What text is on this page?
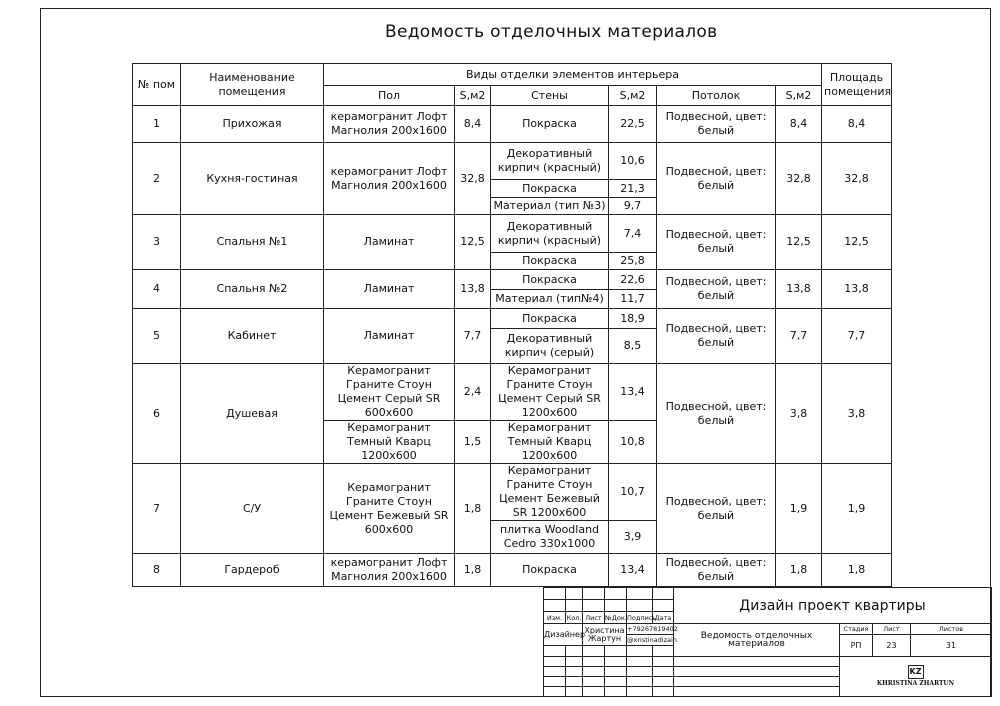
Ведомость отделочных материалов
№ пом	Наименование помещения	Виды отделки элементов интерьера						Площадь помещения
		Пол	S,м2	Стены	S,м2	Потолок	S,м2	
1	Прихожая	керамогранит Лофт Магнолия 200х1600	8,4	Покраска	22,5	Подвесной, цвет: белый	8,4	8,4
2	Кухня-гостиная	керамогранит Лофт Магнолия 200х1600	32,8	Декоративный кирпич (красный)	10,6	Подвесной, цвет: белый	32,8	32,8
				Покраска	21,3			
				Материал (тип №3)	9,7			
3	Спальня №1	Ламинат	12,5	Декоративный кирпич (красный)	7,4	Подвесной, цвет: белый	12,5	12,5
				Покраска	25,8			
4	Спальня №2	Ламинат	13,8	Покраска	22,6	Подвесной, цвет: белый	13,8	13,8
				Материал (тип№4)	11,7			
5	Кабинет	Ламинат	7,7	Покраска	18,9	Подвесной, цвет: белый	7,7	7,7
				Декоративный кирпич (серый)	8,5			
6	Душевая	Керамогранит Граните Стоун Цемент Серый SR 600х600	2,4	Керамогранит Граните Стоун Цемент Серый SR 1200х600	13,4	Подвесной, цвет: белый	3,8	3,8
		Керамогранит Темный Кварц 1200х600	1,5	Керамогранит Темный Кварц 1200х600	10,8			
7	С/У	Керамогранит Граните Стоун Цемент Бежевый SR 600х600	1,8	Керамогранит Граните Стоун Цемент Бежевый SR 1200х600	10,7	Подвесной, цвет: белый	1,9	1,9
				плитка Woodland Cedro 330х1000	3,9			
8	Гардероб	керамогранит Лофт Магнолия 200х1600	1,8	Покраска	13,4	Подвесной, цвет: белый	1,8	1,8
						Дизайн проект квартиры			

Изм.	Кол.	Лист	№Док.	Подпись	Дата				
Дизайнер		Христина Жартун		+79267819402		Ведомость отделочных материалов	Стадия	Лист	Листов
				@xristinadizain			РП	23	31

							KZ
KHRISTINA ZHARTUN		
